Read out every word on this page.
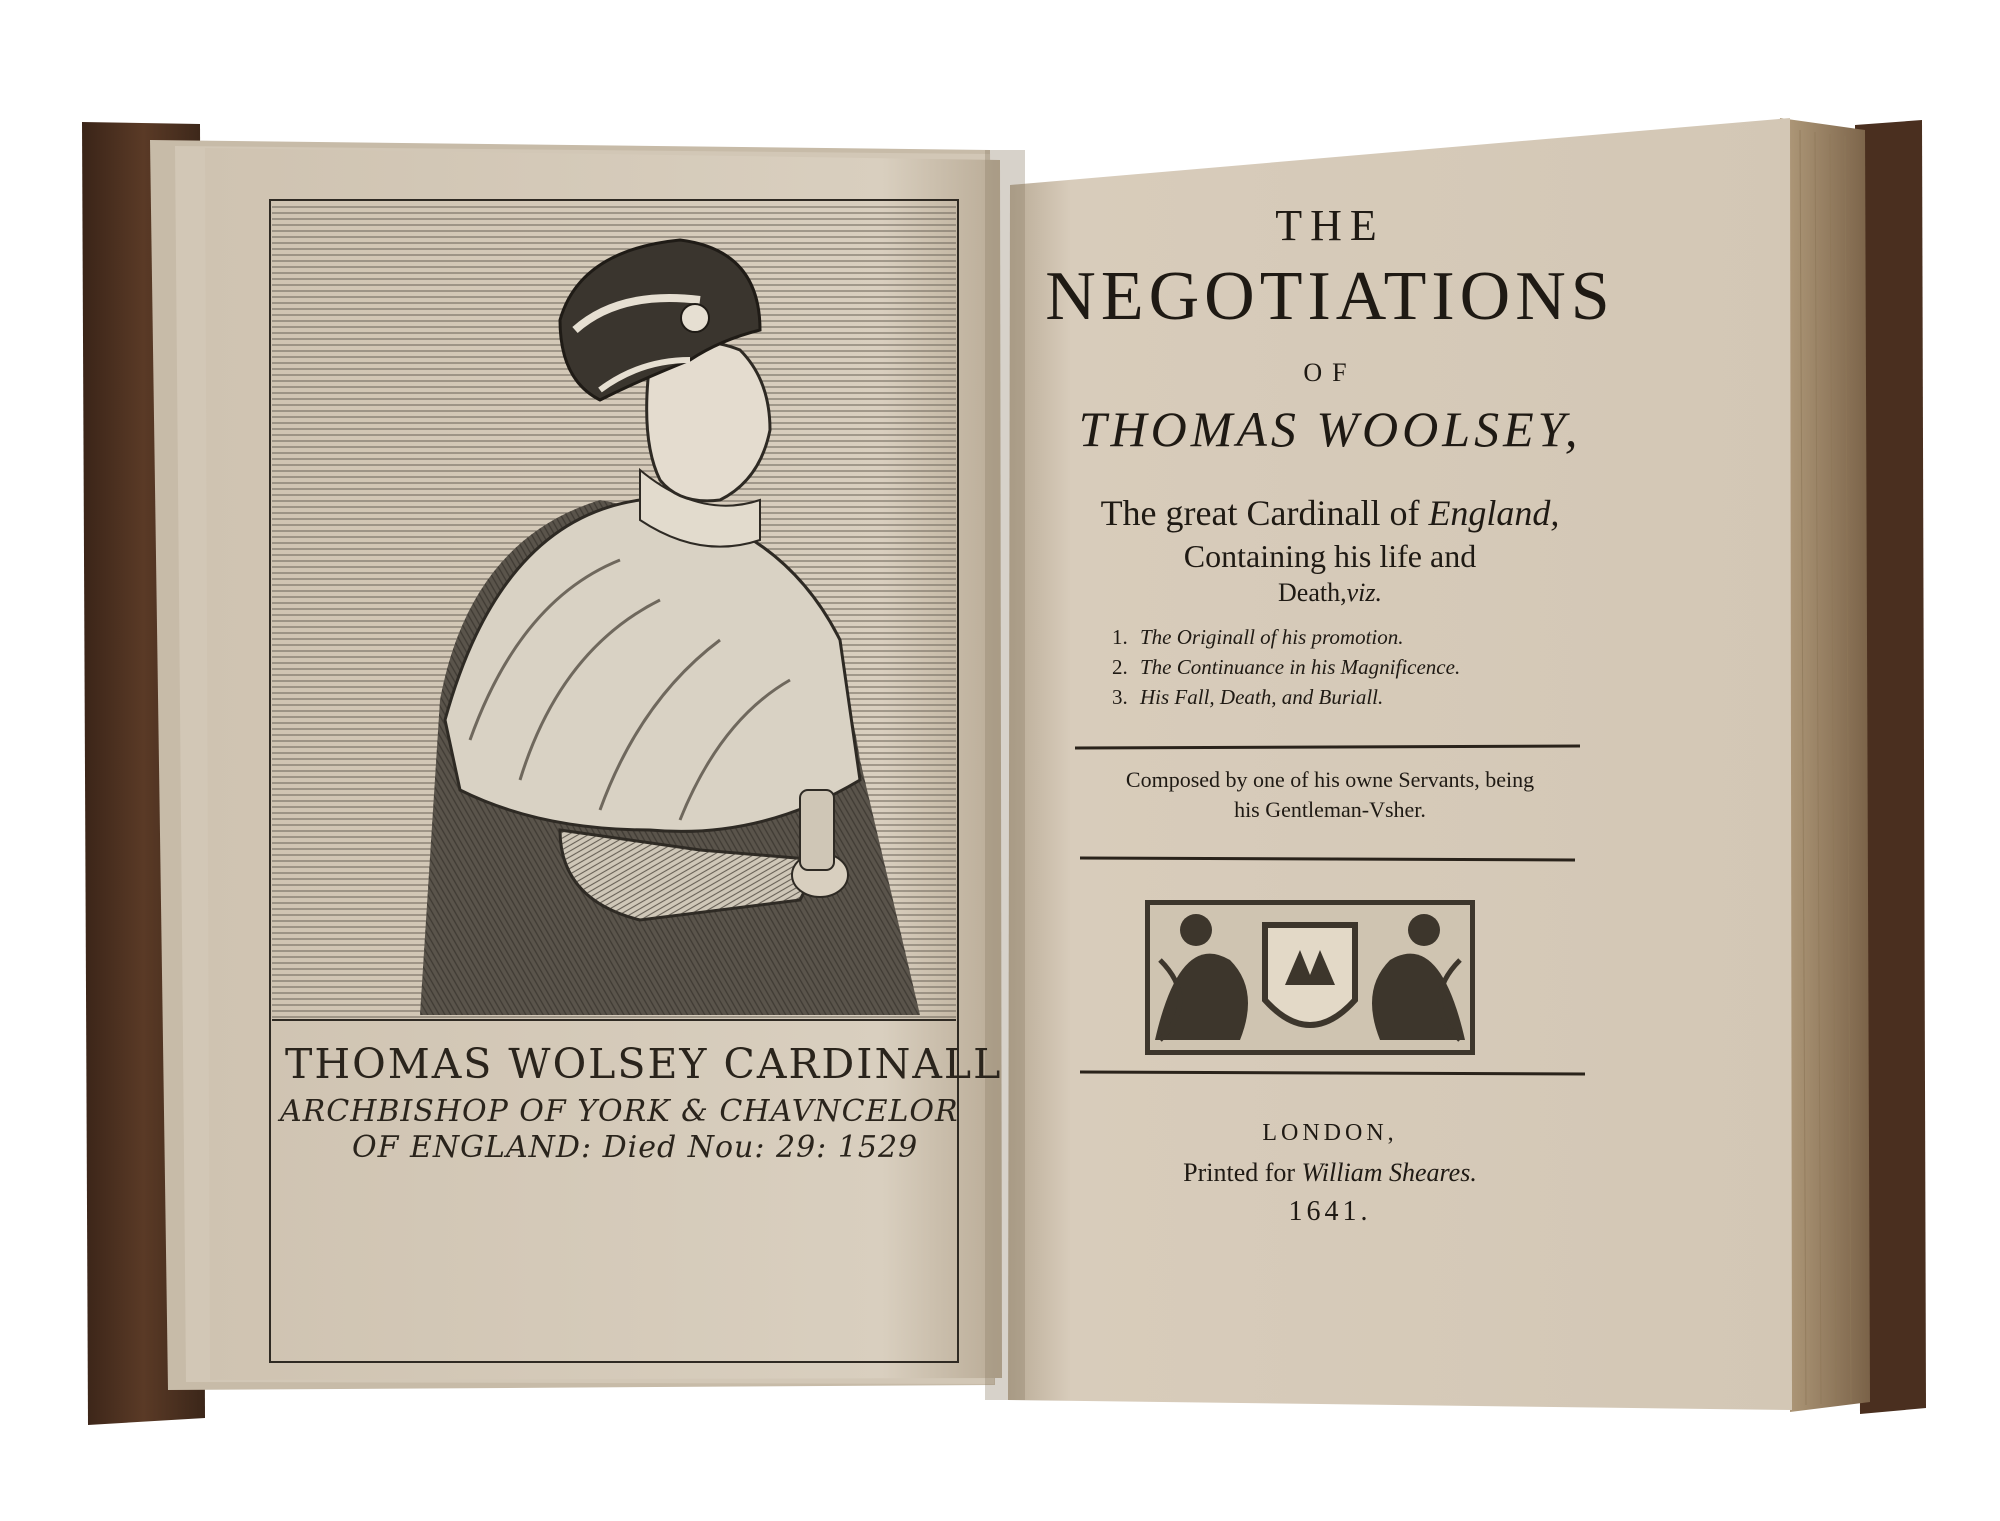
THOMAS WOLSEY CARDINALL
ARCHBISHOP OF YORK & CHAVNCELOR
OF ENGLAND: Died Nou: 29: 1529
THE
NEGOTIATIONS
OF
THOMAS WOOLSEY,
The great Cardinall of England,
Containing his life and
Death,viz.
1. The Originall of his promotion.
2. The Continuance in his Magnificence.
3. His Fall, Death, and Buriall.
Composed by one of his owne Servants, being
his Gentleman-Vsher.
LONDON,
Printed for William Sheares.
1641.
